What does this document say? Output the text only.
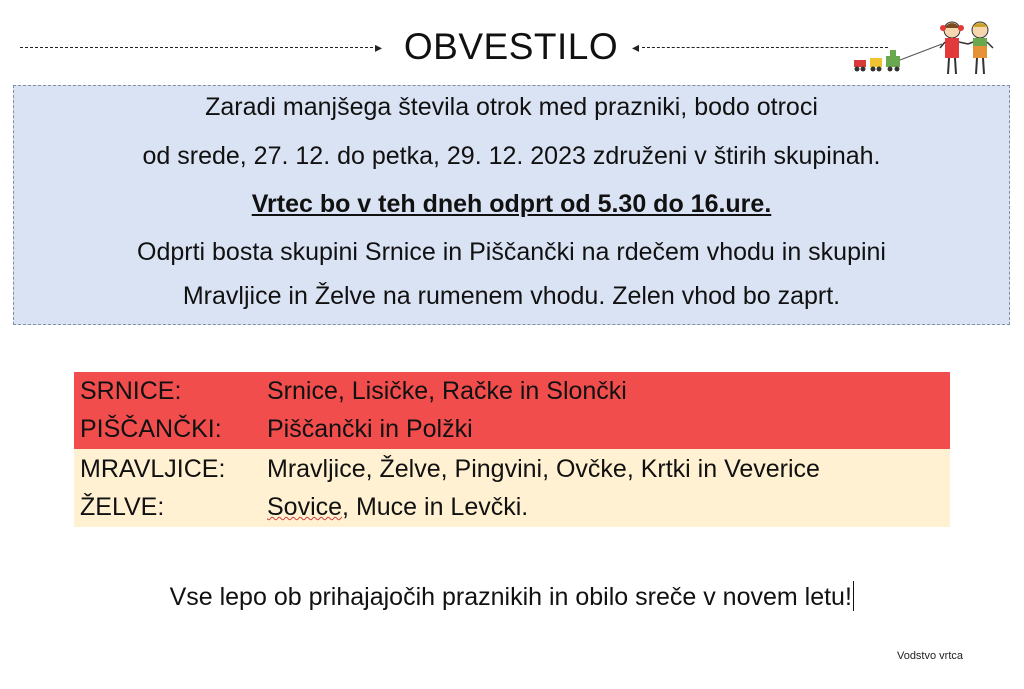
▸ OBVESTILO ◂
Zaradi manjšega števila otrok med prazniki, bodo otroci
od srede, 27. 12. do petka, 29. 12. 2023 združeni v štirih skupinah.
Vrtec bo v teh dneh odprt od 5.30 do 16.ure.
Odprti bosta skupini Srnice in Piščančki na rdečem vhodu in skupini
Mravljice in Želve na rumenem vhodu. Zelen vhod bo zaprt.
SRNICE:	Srnice, Lisičke, Račke in Slončki
PIŠČANČKI: Piščančki in Polžki
MRAVLJICE: Mravljice, Želve, Pingvini, Ovčke, Krtki in Veverice
ŽELVE:	Sovice, Muce in Levčki.
Vse lepo ob prihajajočih praznikih in obilo sreče v novem letu!
Vodstvo vrtca
